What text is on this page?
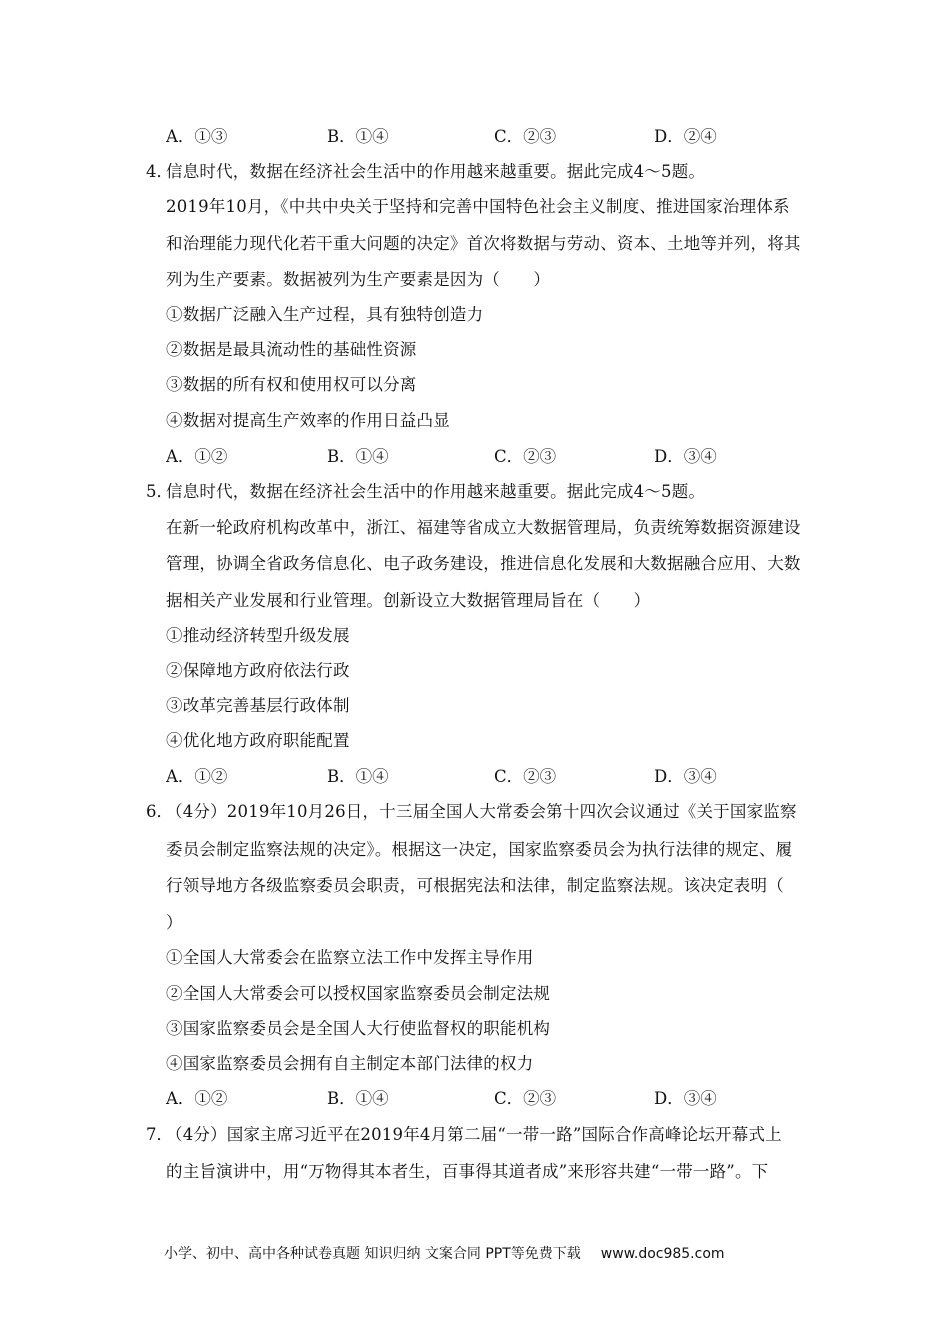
A．①③	B．①④	C．②③	D．②④
4．
信息时代，数据在经济社会生活中的作用越来越重要。据此完成4～5题。
2019年10月，《中共中央关于坚持和完善中国特色社会主义制度、推进国家治理体系
和治理能力现代化若干重大问题的决定》首次将数据与劳动、资本、土地等并列，将其
列为生产要素。数据被列为生产要素是因为（　　）
①数据广泛融入生产过程，具有独特创造力
②数据是最具流动性的基础性资源
③数据的所有权和使用权可以分离
④数据对提高生产效率的作用日益凸显
A．①②	B．①④	C．②③	D．③④
5．
信息时代，数据在经济社会生活中的作用越来越重要。据此完成4～5题。
在新一轮政府机构改革中，浙江、福建等省成立大数据管理局，负责统筹数据资源建设
管理，协调全省政务信息化、电子政务建设，推进信息化发展和大数据融合应用、大数
据相关产业发展和行业管理。创新设立大数据管理局旨在（　　）
①推动经济转型升级发展
②保障地方政府依法行政
③改革完善基层行政体制
④优化地方政府职能配置
A．①②	B．①④	C．②③	D．③④
6．
（4分）2019年10月26日，十三届全国人大常委会第十四次会议通过《关于国家监察
委员会制定监察法规的决定》。根据这一决定，国家监察委员会为执行法律的规定、履
行领导地方各级监察委员会职责，可根据宪法和法律，制定监察法规。该决定表明（
）
①全国人大常委会在监察立法工作中发挥主导作用
②全国人大常委会可以授权国家监察委员会制定法规
③国家监察委员会是全国人大行使监督权的职能机构
④国家监察委员会拥有自主制定本部门法律的权力
A．①②	B．①④	C．②③	D．③④
7．
（4分）国家主席习近平在2019年4月第二届“一带一路”国际合作高峰论坛开幕式上
的主旨演讲中，用“万物得其本者生，百事得其道者成”来形容共建“一带一路”。下
小学、初中、高中各种试卷真题 知识归纳 文案合同 PPT等免费下载 www.doc985.com
